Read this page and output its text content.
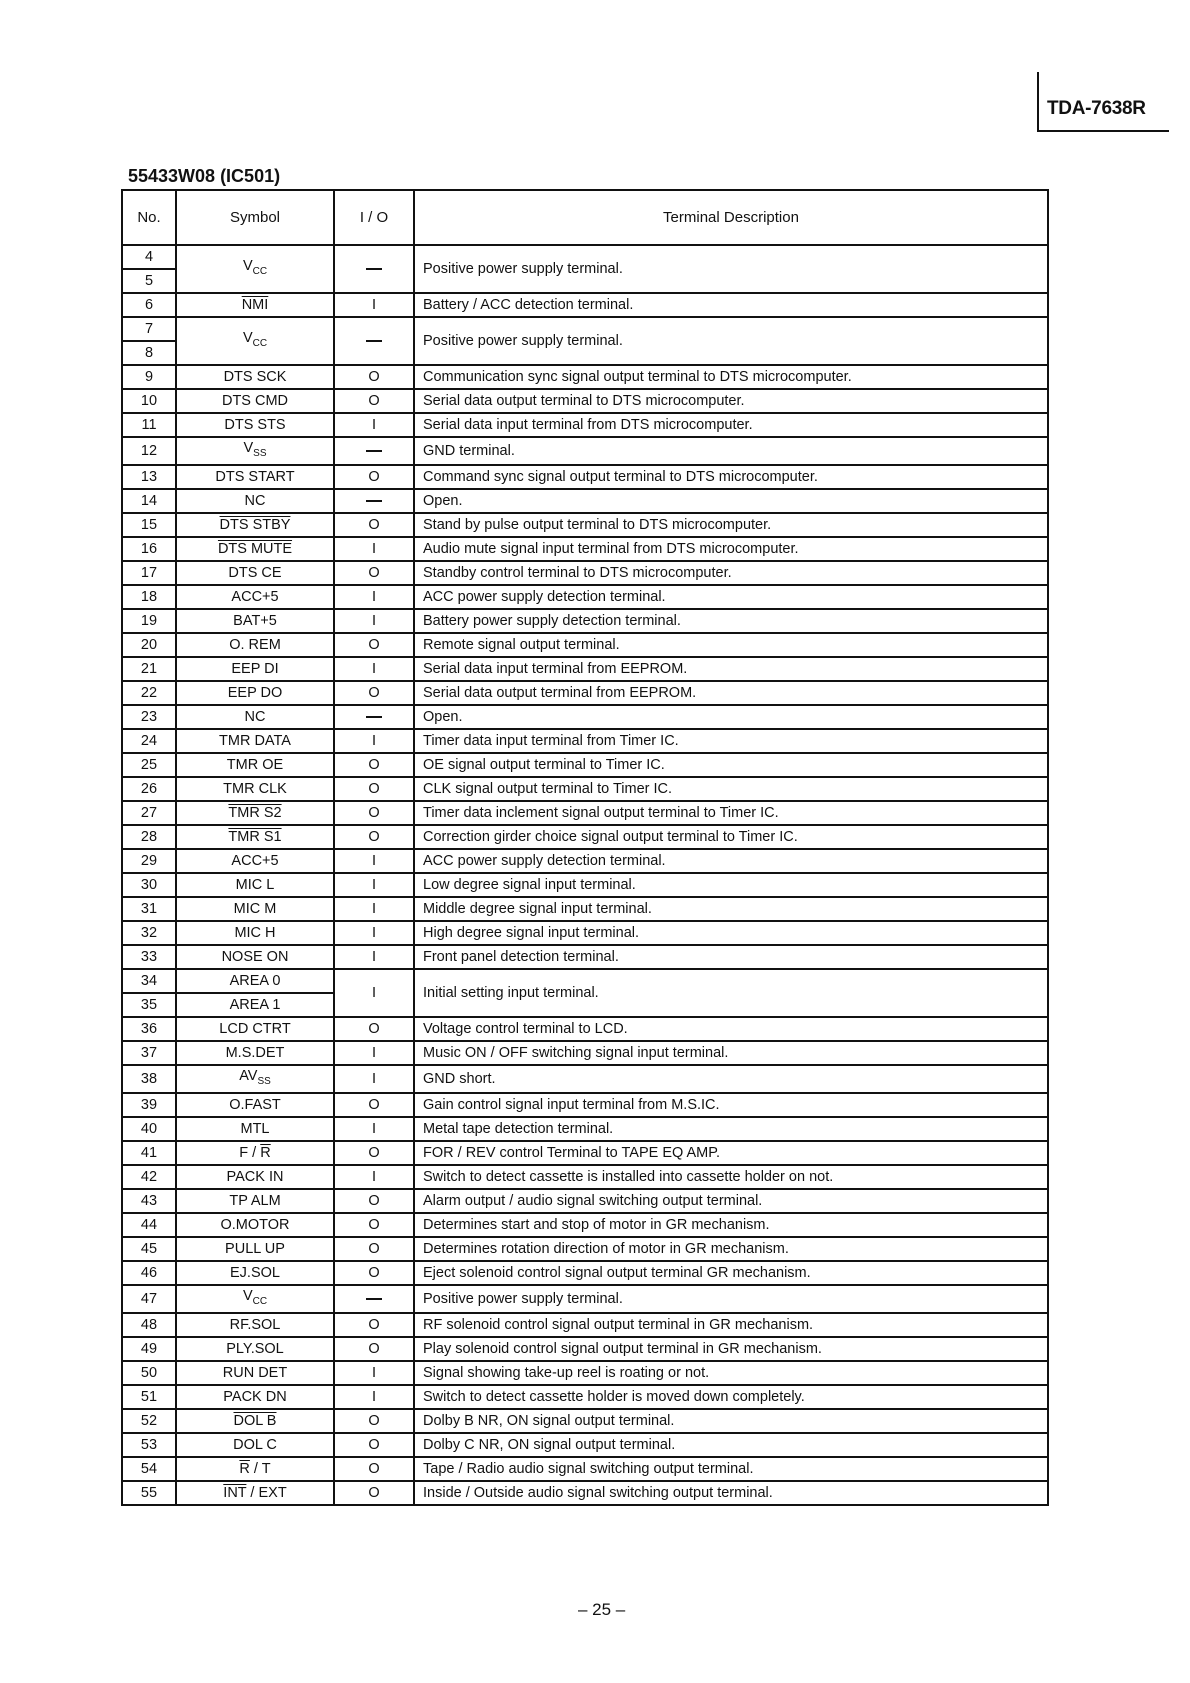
TDA-7638R
55433W08 (IC501)
No.	Symbol	I / O	Terminal Description
4	$V_{CC}$		Positive power supply terminal.
5			
6	$\overline{NMI}$	I	Battery / ACC detection terminal.
7	$V_{CC}$		Positive power supply terminal.
8			
9	DTS SCK	O	Communication sync signal output terminal to DTS microcomputer.
10	DTS CMD	O	Serial data output terminal to DTS microcomputer.
11	DTS STS	I	Serial data input terminal from DTS microcomputer.
12	$V_{SS}$		GND terminal.
13	DTS START	O	Command sync signal output terminal to DTS microcomputer.
14	NC		Open.
15	DTS STBY	O	Stand by pulse output terminal to DTS microcomputer.
16	DTS MUTE	I	Audio mute signal input terminal from DTS microcomputer.
17	DTS CE	O	Standby control terminal to DTS microcomputer.
18	ACC+5	I	ACC power supply detection terminal.
19	BAT+5	I	Battery power supply detection terminal.
20	O. REM	O	Remote signal output terminal.
21	EEP DI	I	Serial data input terminal from EEPROM.
22	EEP DO	O	Serial data output terminal from EEPROM.
23	NC		Open.
24	TMR DATA	I	Timer data input terminal from Timer IC.
25	TMR OE	O	OE signal output terminal to Timer IC.
26	TMR CLK	O	CLK signal output terminal to Timer IC.
27	TMR S2	O	Timer data inclement signal output terminal to Timer IC.
28	TMR S1	O	Correction girder choice signal output terminal to Timer IC.
29	ACC+5	I	ACC power supply detection terminal.
30	MIC L	I	Low degree signal input terminal.
31	MIC M	I	Middle degree signal input terminal.
32	MIC H	I	High degree signal input terminal.
33	NOSE ON	I	Front panel detection terminal.
34	AREA 0	I	Initial setting input terminal.
35	AREA 1		
36	LCD CTRT	O	Voltage control terminal to LCD.
37	M.S.DET	I	Music ON / OFF switching signal input terminal.
38	$AV_{SS}$	I	GND short.
39	O.FAST	O	Gain control signal input terminal from M.S.IC.
40	MTL	I	Metal tape detection terminal.
41	F / $\overline{R}$	O	FOR / REV control Terminal to TAPE EQ AMP.
42	PACK IN	I	Switch to detect cassette is installed into cassette holder on not.
43	TP ALM	O	Alarm output / audio signal switching output terminal.
44	O.MOTOR	O	Determines start and stop of motor in GR mechanism.
45	PULL UP	O	Determines rotation direction of motor in GR mechanism.
46	EJ.SOL	O	Eject solenoid control signal output terminal GR mechanism.
47	$V_{CC}$		Positive power supply terminal.
48	RF.SOL	O	RF solenoid control signal output terminal in GR mechanism.
49	PLY.SOL	O	Play solenoid control signal output terminal in GR mechanism.
50	RUN DET	I	Signal showing take-up reel is roating or not.
51	PACK DN	I	Switch to detect cassette holder is moved down completely.
52	DOL B	O	Dolby B NR, ON signal output terminal.
53	DOL C	O	Dolby C NR, ON signal output terminal.
54	$\overline{R}$ / T	O	Tape / Radio audio signal switching output terminal.
55	$\overline{INT}$ / EXT	O	Inside / Outside audio signal switching output terminal.
– 25 –
